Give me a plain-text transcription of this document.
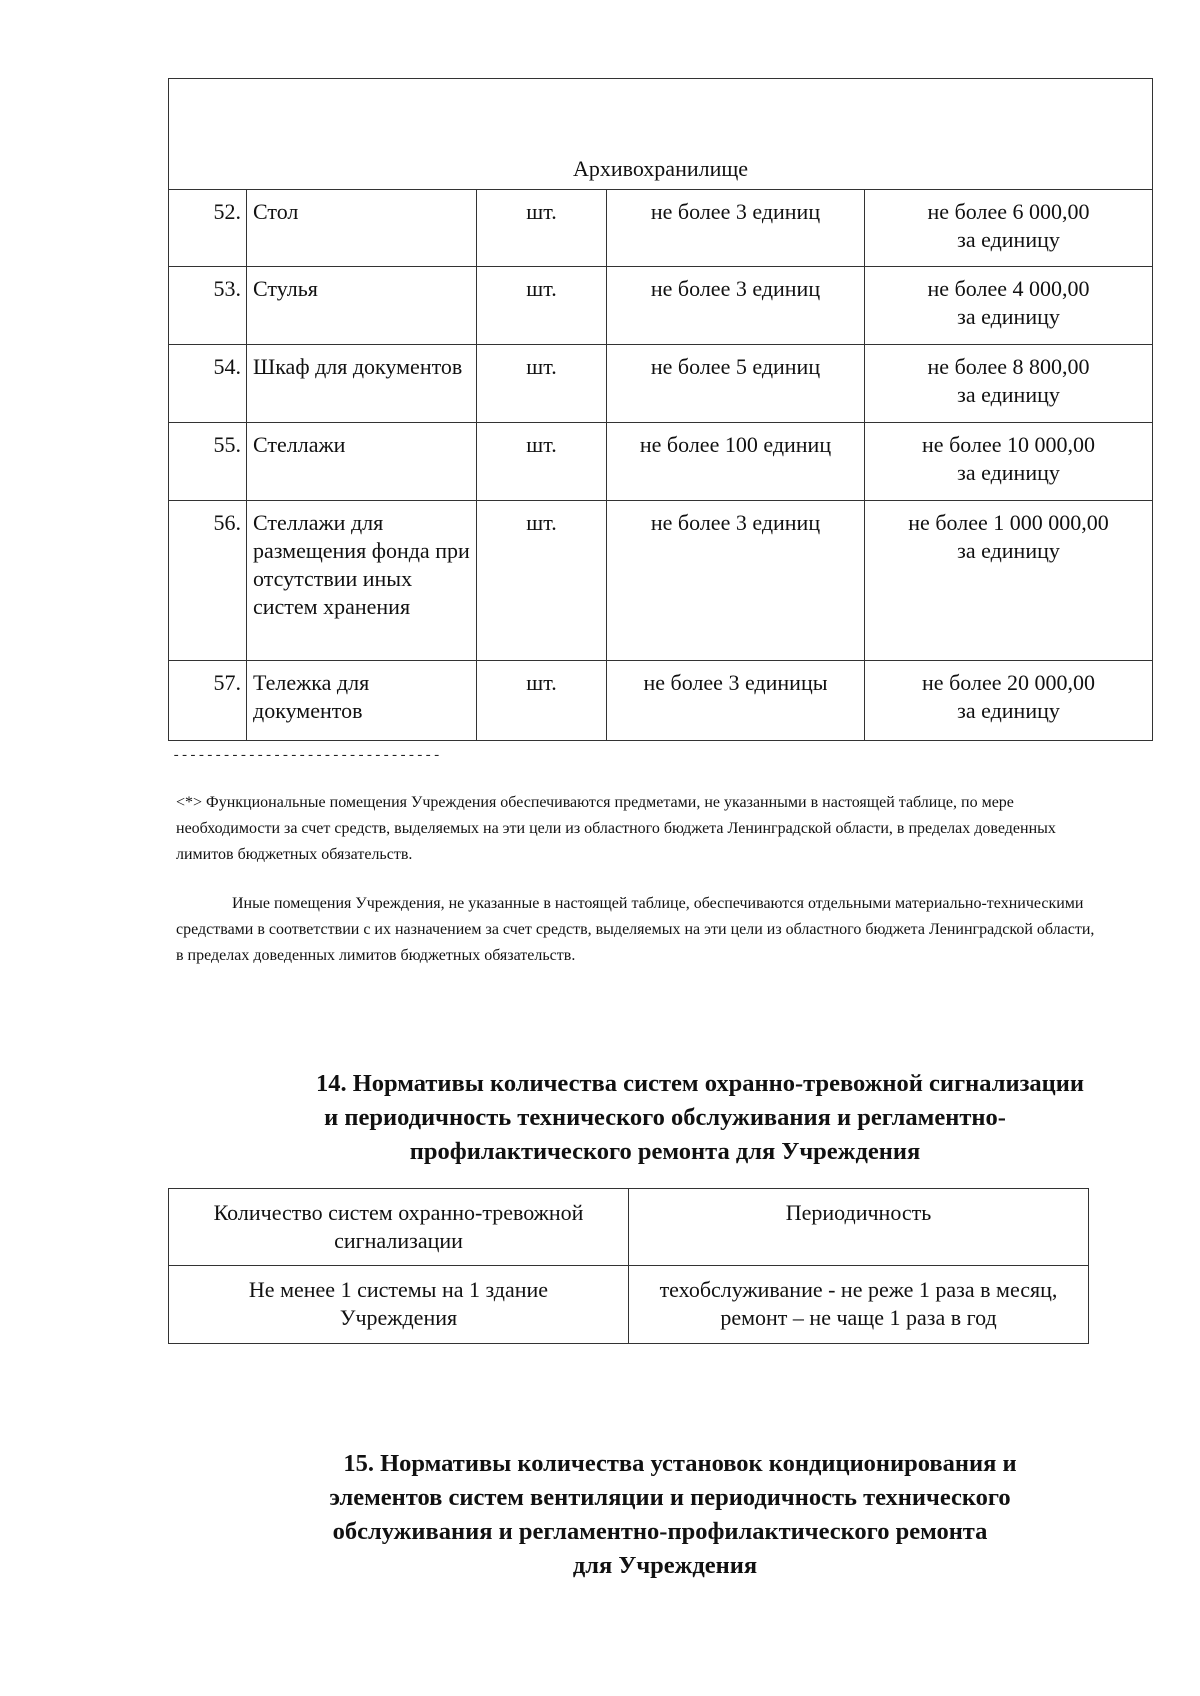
Архивохранилище				
52.	Стол	шт.	не более 3 единиц	не более 6 000,00
за единицу

53.	Стулья	шт.	не более 3 единиц	не более 4 000,00
за единицу

54.	Шкаф для документов	шт.	не более 5 единиц	не более 8 800,00
за единицу

55.	Стеллажи	шт.	не более 100 единиц	не более 10 000,00
за единицу

56.	Стеллажи для размещения фонда при отсутствии иных систем хранения	шт.	не более 3 единиц	не более 1 000 000,00
за единицу

57.	Тележка для документов	шт.	не более 3 единицы	не более 20 000,00
за единицу
--------------------------------
<*> Функциональные помещения Учреждения обеспечиваются предметами, не указанными в настоящей таблице, по мере необходимости за счет средств, выделяемых на эти цели из областного бюджета Ленинградской области, в пределах доведенных лимитов бюджетных обязательств.
Иные помещения Учреждения, не указанные в настоящей таблице, обеспечиваются отдельными материально-техническими средствами в соответствии с их назначением за счет средств, выделяемых на эти цели из областного бюджета Ленинградской области, в пределах доведенных лимитов бюджетных обязательств.
14. Нормативы количества систем охранно-тревожной сигнализации
и периодичность технического обслуживания и регламентно-
профилактического ремонта для Учреждения
Количество систем охранно-тревожной сигнализации	Периодичность
Не менее 1 системы на 1 здание Учреждения	техобслуживание - не реже 1 раза в месяц,
ремонт – не чаще 1 раза в год
15. Нормативы количества установок кондиционирования и
элементов систем вентиляции и периодичность технического
обслуживания и регламентно-профилактического ремонта
для Учреждения
